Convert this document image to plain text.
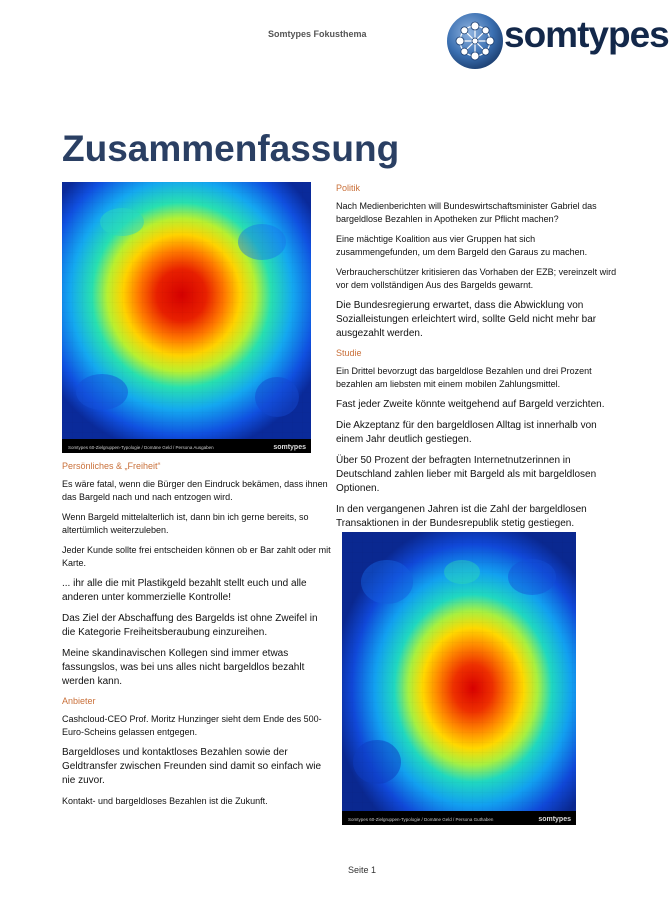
Somtypes Fokusthema	somtypes
Zusammenfassung
Somtypes 60-Zielgruppen-Typologie / Domäne Geld / Persona Ausgaben	somtypes
Somtypes 60-Zielgruppen-Typologie / Domäne Geld / Persona Guthaben	somtypes
Persönliches & „Freiheit“

Es wäre fatal, wenn die Bürger den Eindruck bekämen, dass ihnen das Bargeld nach und nach entzogen wird.

Wenn Bargeld mittelalterlich ist, dann bin ich gerne bereits, so altertümlich weiterzuleben.

Jeder Kunde sollte frei entscheiden können ob er Bar zahlt oder mit Karte.

... ihr alle die mit Plastikgeld bezahlt stellt euch und alle anderen unter kommerzielle Kontrolle!

Das Ziel der Abschaffung des Bargelds ist ohne Zweifel in die Kategorie Freiheitsberaubung einzureihen.

Meine skandinavischen Kollegen sind immer etwas fassungslos, was bei uns alles nicht bargeldlos bezahlt werden kann.

Anbieter

Cashcloud-CEO Prof. Moritz Hunzinger sieht dem Ende des 500-Euro-Scheins gelassen entgegen.

Bargeldloses und kontaktloses Bezahlen sowie der Geldtransfer zwischen Freunden sind damit so einfach wie nie zuvor.

Kontakt- und bargeldloses Bezahlen ist die Zukunft.

Politik

Nach Medienberichten will Bundeswirtschaftsminister Gabriel das bargeldlose Bezahlen in Apotheken zur Pflicht machen?

Eine mächtige Koalition aus vier Gruppen hat sich zusammengefunden, um dem Bargeld den Garaus zu machen.

Verbraucherschützer kritisieren das Vorhaben der EZB; vereinzelt wird vor dem vollständigen Aus des Bargelds gewarnt.

Die Bundesregierung erwartet, dass die Abwicklung von Sozialleistungen erleichtert wird, sollte Geld nicht mehr bar ausgezahlt werden.

Studie

Ein Drittel bevorzugt das bargeldlose Bezahlen und drei Prozent bezahlen am liebsten mit einem mobilen Zahlungsmittel.

Fast jeder Zweite könnte weitgehend auf Bargeld verzichten.

Die Akzeptanz für den bargeldlosen Alltag ist innerhalb von einem Jahr deutlich gestiegen.

Über 50 Prozent der befragten Internetnutzerinnen in Deutschland zahlen lieber mit Bargeld als mit bargeldlosen Optionen.

In den vergangenen Jahren ist die Zahl der bargeldlosen Transaktionen in der Bundesrepublik stetig gestiegen.

Seite 1
